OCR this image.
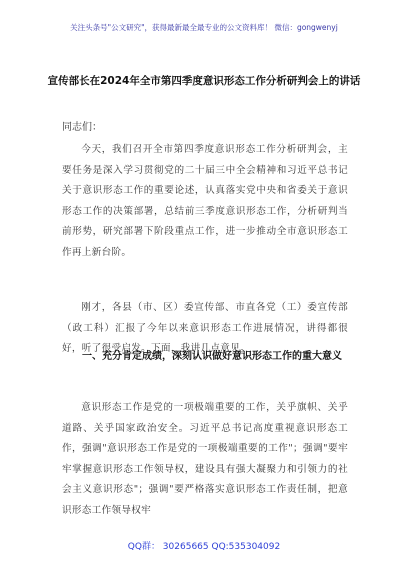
关注头条号"公文研究"，获得最新最全最专业的公文资料库！ 微信：gongwenyj
宣传部长在2024年全市第四季度意识形态工作分析研判会上的讲话
同志们：
今天，我们召开全市第四季度意识形态工作分析研判会，主要任务是深入学习贯彻党的二十届三中全会精神和习近平总书记关于意识形态工作的重要论述，认真落实党中央和省委关于意识形态工作的决策部署，总结前三季度意识形态工作，分析研判当前形势，研究部署下阶段重点工作，进一步推动全市意识形态工作再上新台阶。
刚才，各县（市、区）委宣传部、市直各党（工）委宣传部（政工科）汇报了今年以来意识形态工作进展情况，讲得都很好，听了很受启发。下面，我讲几点意见。
一、充分肯定成绩，深刻认识做好意识形态工作的重大意义
意识形态工作是党的一项极端重要的工作，关乎旗帜、关乎道路、关乎国家政治安全。习近平总书记高度重视意识形态工作，强调"意识形态工作是党的一项极端重要的工作"；强调"要牢牢掌握意识形态工作领导权，建设具有强大凝聚力和引领力的社会主义意识形态"；强调"要严格落实意识形态工作责任制，把意识形态工作领导权牢
QQ群： 30265665 QQ:535304092
